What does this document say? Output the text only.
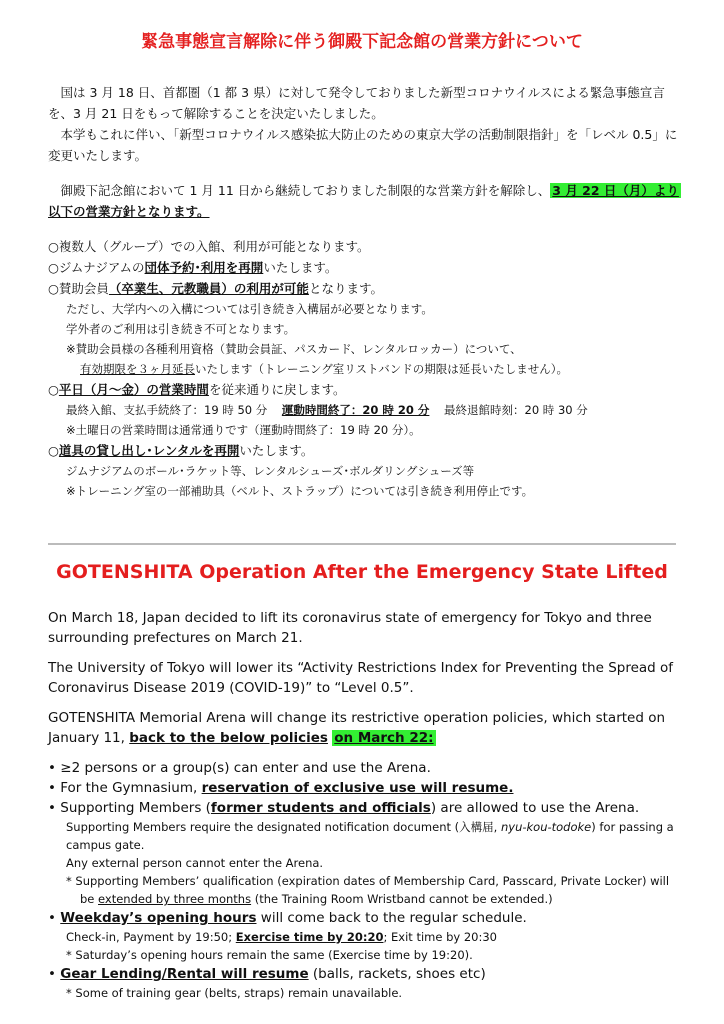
緊急事態宣言解除に伴う御殿下記念館の営業方針について
国は 3 月 18 日、首都圏（1 都 3 県）に対して発令しておりました新型コロナウイルスによる緊急事態宣言を、3 月 21 日をもって解除することを決定いたしました。
本学もこれに伴い、「新型コロナウイルス感染拡大防止のための東京大学の活動制限指針」を「レベル 0.5」に変更いたします。
御殿下記念館において 1 月 11 日から継続しておりました制限的な営業方針を解除し、 3 月 22 日（月）より以下の営業方針となります。
○複数人（グループ）での入館、利用が可能となります。
○ジムナジアムの団体予約･利用を再開いたします。
○賛助会員（卒業生、元教職員）の利用が可能となります。
ただし、大学内への入構については引き続き入構届が必要となります。
学外者のご利用は引き続き不可となります。
※賛助会員様の各種利用資格（賛助会員証、パスカード、レンタルロッカー）について、
有効期限を３ヶ月延長いたします（トレーニング室リストバンドの期限は延長いたしません）。
○平日（月～金）の営業時間を従来通りに戻します。
最終入館、支払手続終了：19 時 50 分 運動時間終了：20 時 20 分 最終退館時刻：20 時 30 分
※土曜日の営業時間は通常通りです（運動時間終了：19 時 20 分）。
○道具の貸し出し･レンタルを再開いたします。
ジムナジアムのボール･ラケット等、レンタルシューズ･ボルダリングシューズ等
※トレーニング室の一部補助具（ベルト、ストラップ）については引き続き利用停止です。
GOTENSHITA Operation After the Emergency State Lifted
On March 18, Japan decided to lift its coronavirus state of emergency for Tokyo and three surrounding prefectures on March 21.
The University of Tokyo will lower its “Activity Restrictions Index for Preventing the Spread of Coronavirus Disease 2019 (COVID-19)” to “Level 0.5”.
GOTENSHITA Memorial Arena will change its restrictive operation policies, which started on January 11, back to the below policies on March 22:
• ≥2 persons or a group(s) can enter and use the Arena.
• For the Gymnasium, reservation of exclusive use will resume.
• Supporting Members (former students and officials) are allowed to use the Arena.
Supporting Members require the designated notification document (入構届, nyu-kou-todoke) for passing a campus gate.
Any external person cannot enter the Arena.
* Supporting Members’ qualification (expiration dates of Membership Card, Passcard, Private Locker) will
be extended by three months (the Training Room Wristband cannot be extended.)
• Weekday’s opening hours will come back to the regular schedule.
Check-in, Payment by 19:50; Exercise time by 20:20; Exit time by 20:30
* Saturday’s opening hours remain the same (Exercise time by 19:20).
• Gear Lending/Rental will resume (balls, rackets, shoes etc)
* Some of training gear (belts, straps) remain unavailable.
